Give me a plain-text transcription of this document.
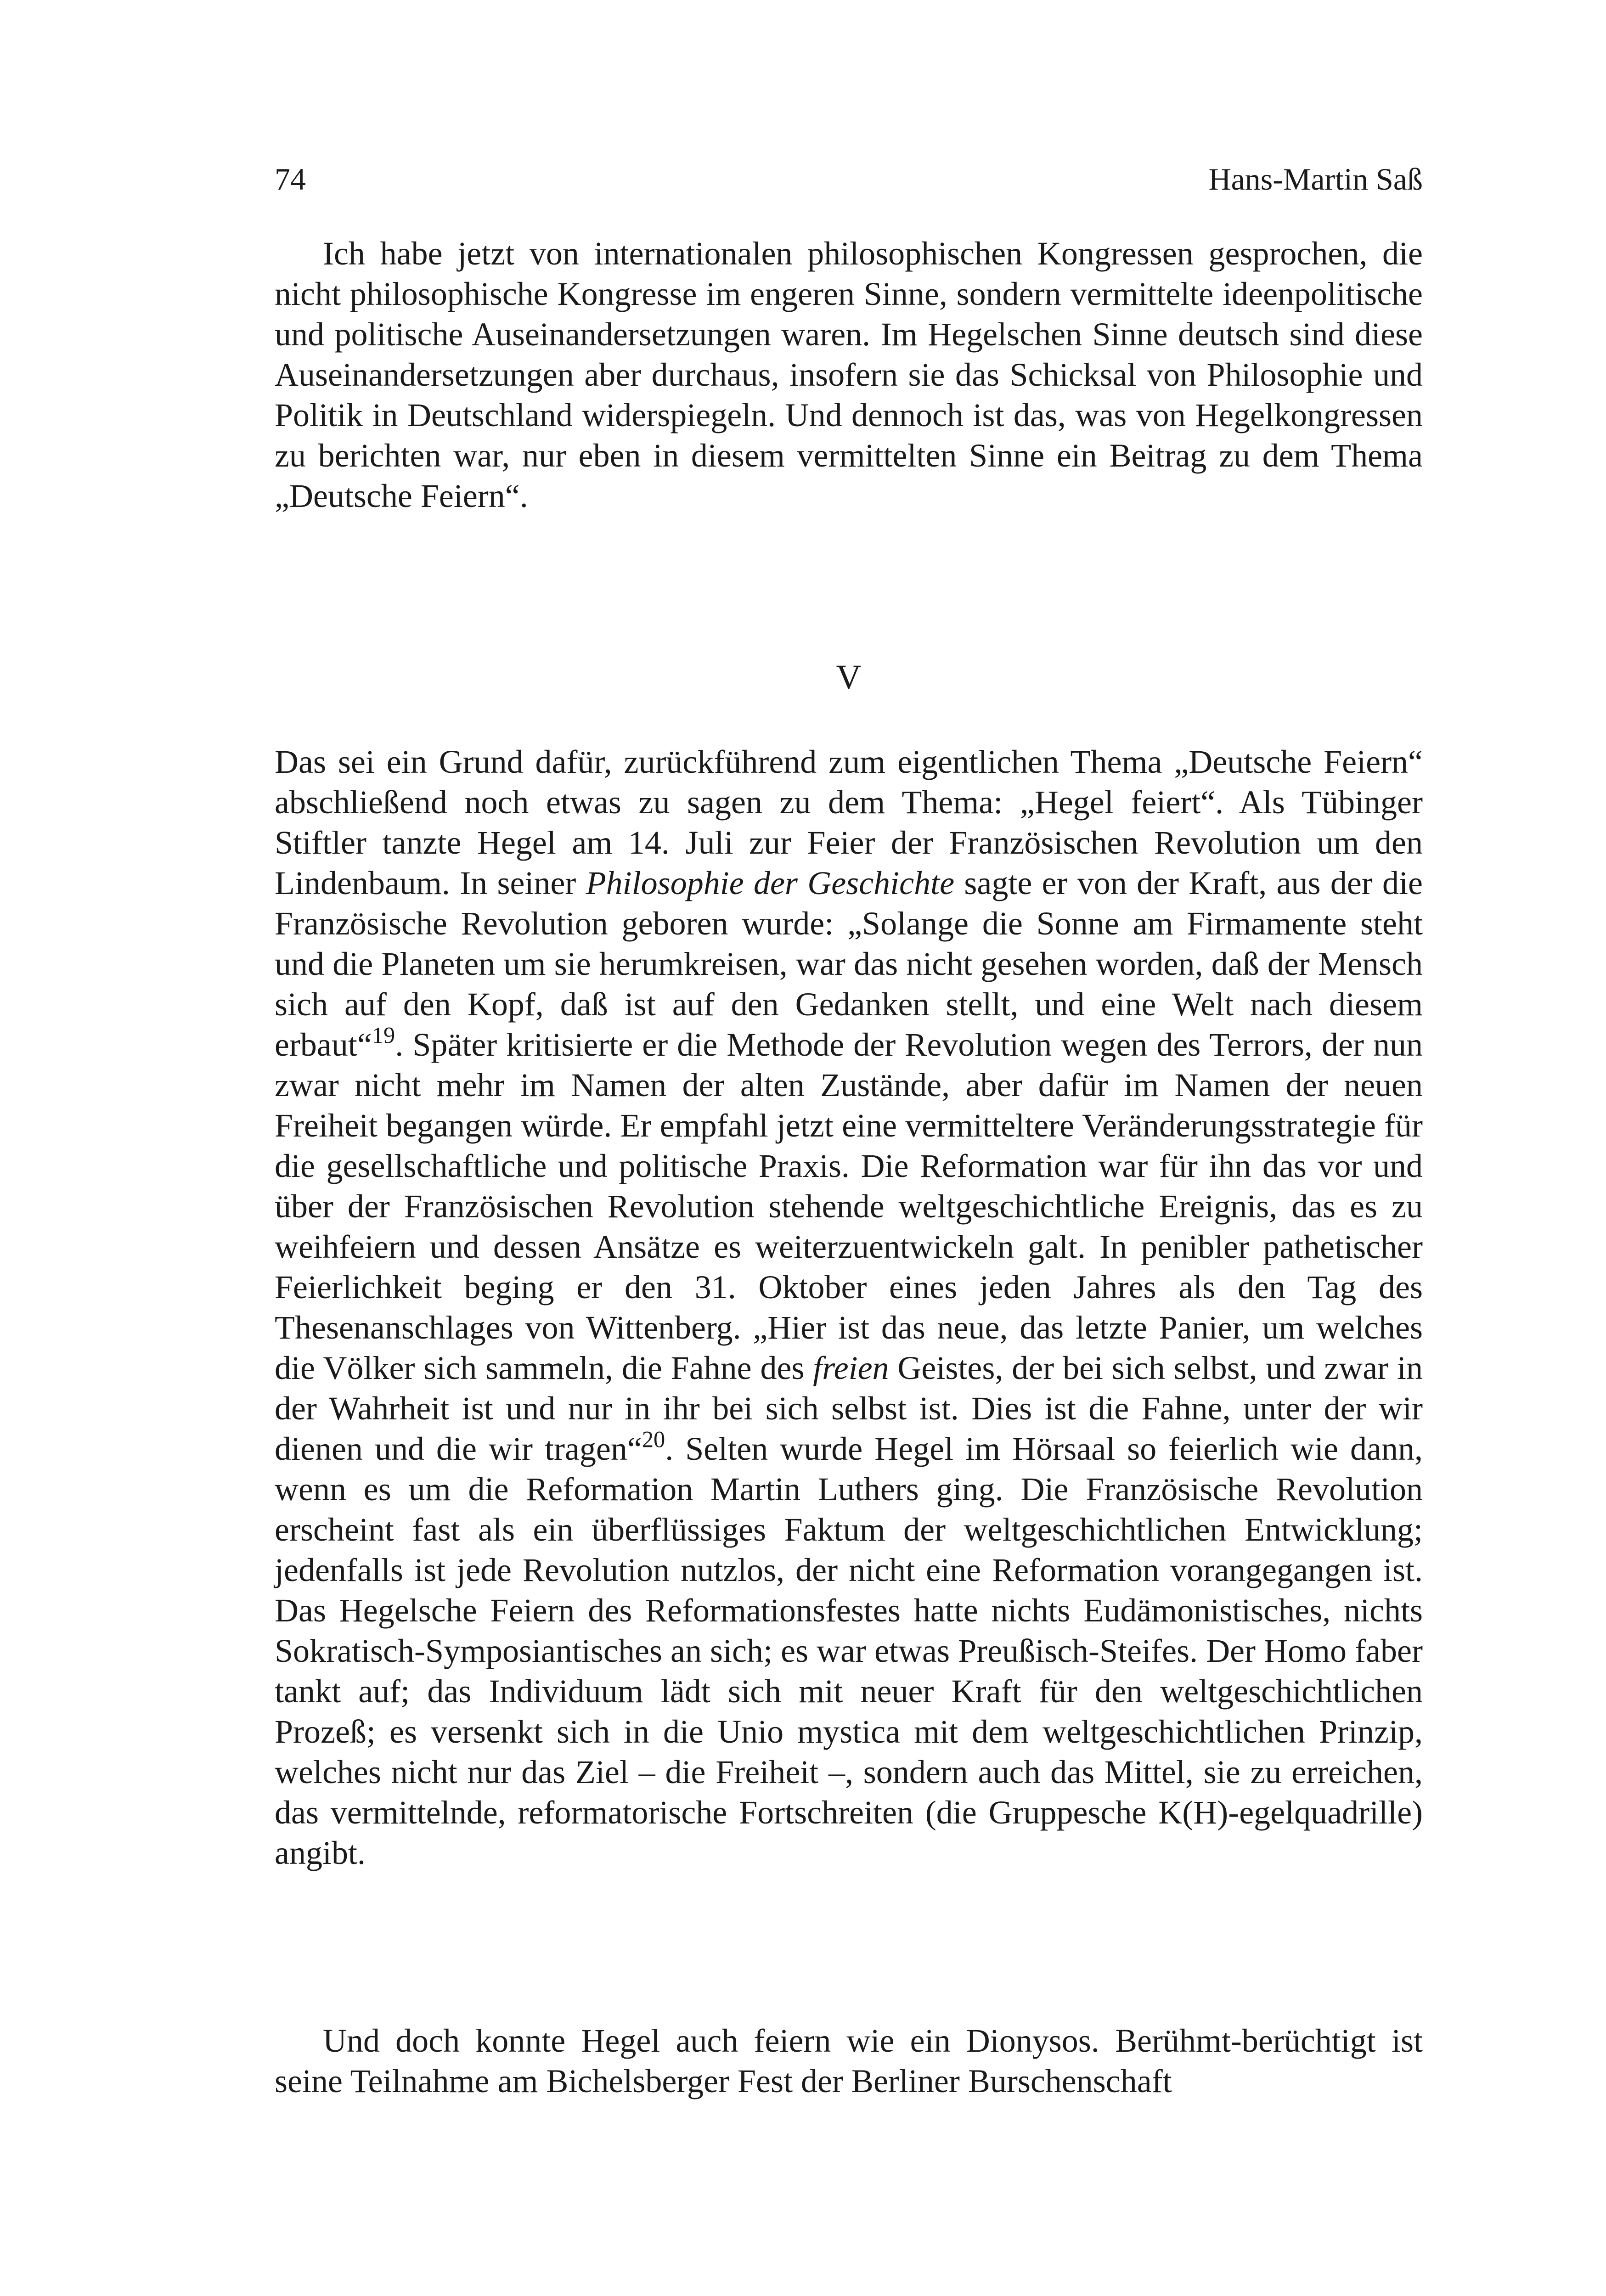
74	Hans-Martin Saß

Ich habe jetzt von internationalen philosophischen Kongressen gesprochen, die nicht philosophische Kongresse im engeren Sinne, sondern vermittelte ideenpolitische und politische Auseinandersetzungen waren. Im Hegelschen Sinne deutsch sind diese Auseinandersetzungen aber durchaus, insofern sie das Schicksal von Philosophie und Politik in Deutschland widerspiegeln. Und dennoch ist das, was von Hegelkongressen zu berichten war, nur eben in diesem vermittelten Sinne ein Beitrag zu dem Thema „Deutsche Feiern“.

V

Das sei ein Grund dafür, zurückführend zum eigentlichen Thema „Deutsche Feiern“ abschließend noch etwas zu sagen zu dem Thema: „Hegel feiert“. Als Tübinger Stiftler tanzte Hegel am 14. Juli zur Feier der Französischen Revolution um den Lindenbaum. In seiner Philosophie der Geschichte sagte er von der Kraft, aus der die Französische Revolution geboren wurde: „Solange die Sonne am Firmamente steht und die Planeten um sie herumkreisen, war das nicht gesehen worden, daß der Mensch sich auf den Kopf, daß ist auf den Gedanken stellt, und eine Welt nach diesem erbaut“$^{19}$. Später kritisierte er die Methode der Revolution wegen des Terrors, der nun zwar nicht mehr im Namen der alten Zustände, aber dafür im Namen der neuen Freiheit begangen würde. Er empfahl jetzt eine vermitteltere Veränderungsstrategie für die gesellschaftliche und politische Praxis. Die Reformation war für ihn das vor und über der Französischen Revolution stehende weltgeschichtliche Ereignis, das es zu weihfeiern und dessen Ansätze es weiterzuentwickeln galt. In penibler pathetischer Feierlichkeit beging er den 31. Oktober eines jeden Jahres als den Tag des Thesenanschlages von Wittenberg. „Hier ist das neue, das letzte Panier, um welches die Völker sich sammeln, die Fahne des freien Geistes, der bei sich selbst, und zwar in der Wahrheit ist und nur in ihr bei sich selbst ist. Dies ist die Fahne, unter der wir dienen und die wir tragen“$^{20}$. Selten wurde Hegel im Hörsaal so feierlich wie dann, wenn es um die Reformation Martin Luthers ging. Die Französische Revolution erscheint fast als ein überflüssiges Faktum der weltgeschichtlichen Entwicklung; jedenfalls ist jede Revolution nutzlos, der nicht eine Reformation vorangegangen ist. Das Hegelsche Feiern des Reformationsfestes hatte nichts Eudämonistisches, nichts Sokratisch-Symposiantisches an sich; es war etwas Preußisch-Steifes. Der Homo faber tankt auf; das Individuum lädt sich mit neuer Kraft für den weltgeschichtlichen Prozeß; es versenkt sich in die Unio mystica mit dem weltgeschichtlichen Prinzip, welches nicht nur das Ziel – die Freiheit –, sondern auch das Mittel, sie zu erreichen, das vermittelnde, reformatorische Fortschreiten (die Gruppesche K(H)-egelquadrille) angibt.

Und doch konnte Hegel auch feiern wie ein Dionysos. Berühmt-berüchtigt ist seine Teilnahme am Bichelsberger Fest der Berliner Burschenschaft
